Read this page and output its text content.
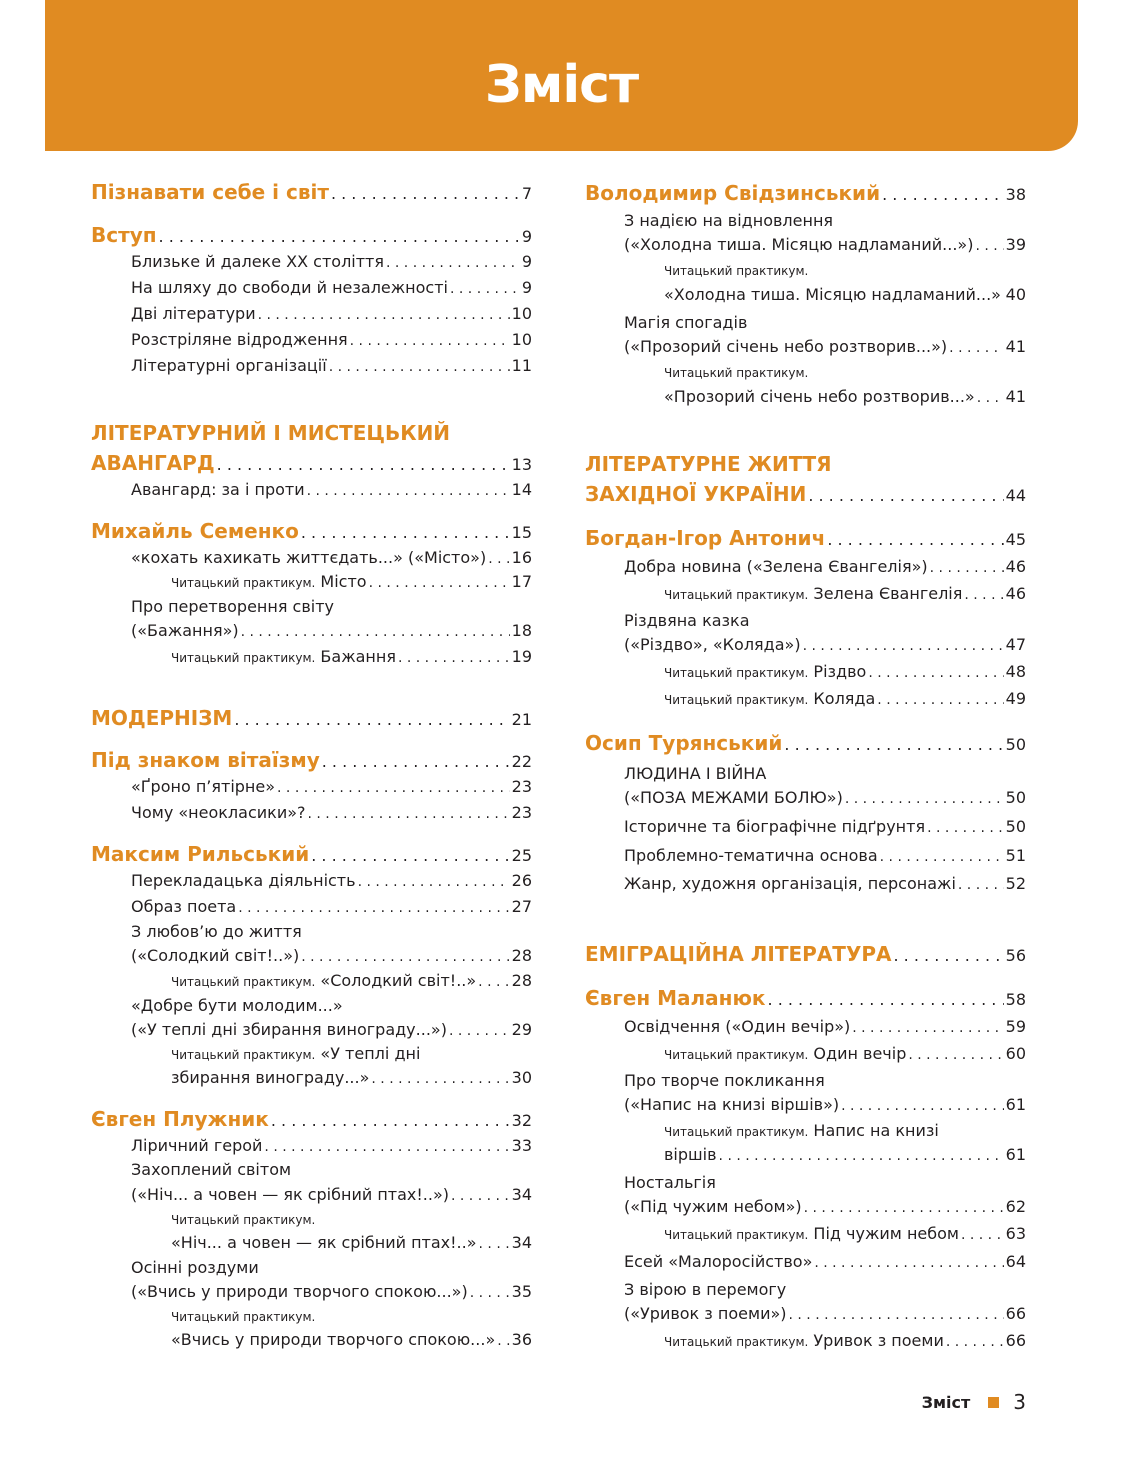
Зміст
Пізнавати себе і світ . . .	7
Вступ . . .	9
Близьке й далеке ХХ століття . . .	9
На шляху до свободи й незалежності . . .	9
Дві літератури . . .	10
Розстріляне відродження . . .	10
Літературні організації . . .	11
ЛІТЕРАТУРНИЙ І МИСТЕЦЬКИЙ
АВАНГАРД . . .	13
Авангард: за і проти . . .	14
Михайль Семенко . . .	15
«кохать кахикать життєдать...» («Місто») . . . 16
Читацький практикум. Місто . . .	17
Про перетворення світу
(«Бажання») . . .	18
Читацький практикум. Бажання . . .	19
МОДЕРНІЗМ . . .	21
Під знаком вітаїзму . . .	22
«Ґроно п’ятірне» . . .	23
Чому «неокласики»? . . .	23
Максим Рильський . . .	25
Перекладацька діяльність . . .	26
Образ поета . . .	27
З любов’ю до життя
(«Солодкий світ!..») . . .	28
Читацький практикум. «Солодкий світ!..» . . . 28
«Добре бути молодим...»
(«У теплі дні збирання винограду...») . . .	29
Читацький практикум. «У теплі дні
збирання винограду...» . . .	30
Євген Плужник . . .	32
Ліричний герой . . .	33
Захоплений світом
(«Ніч... а човен — як срібний птах!..») . . .	34
Читацький практикум.
«Ніч... а човен — як срібний птах!..» . . . 34
Осінні роздуми
(«Вчись у природи творчого спокою...») . . .	35
Читацький практикум.
«Вчись у природи творчого спокою...» . . . 36
Володимир Свідзинський . . .	38
З надією на відновлення
(«Холодна тиша. Місяцю надламаний...») . . . 39
Читацький практикум.
«Холодна тиша. Місяцю надламаний...» . . . 40
Магія спогадів
(«Прозорий січень небо розтворив...») . . .	41
Читацький практикум.
«Прозорий січень небо розтворив...» . . . 41
ЛІТЕРАТУРНЕ ЖИТТЯ
ЗАХІДНОЇ УКРАЇНИ . . .	44
Богдан-Ігор Антонич . . .	45
Добра новина («Зелена Євангелія») . . .	46
Читацький практикум. Зелена Євангелія . . .	46
Різдвяна казка
(«Різдво», «Коляда») . . .	47
Читацький практикум. Різдво . . .	48
Читацький практикум. Коляда . . .	49
Осип Турянський . . .	50
ЛЮДИНА І ВІЙНА
(«ПОЗА МЕЖАМИ БОЛЮ») . . .	50
Історичне та біографічне підґрунтя . . .	50
Проблемно-тематична основа . . .	51
Жанр, художня організація, персонажі . . .	52
ЕМІГРАЦІЙНА ЛІТЕРАТУРА . . .	56
Євген Маланюк . . .	58
Освідчення («Один вечір») . . .	59
Читацький практикум. Один вечір . . .	60
Про творче покликання
(«Напис на книзі віршів») . . .	61
Читацький практикум. Напис на книзі
віршів . . .	61
Ностальгія
(«Під чужим небом») . . .	62
Читацький практикум. Під чужим небом . . .	63
Есей «Малоросійство» . . .	64
З вірою в перемогу
(«Уривок з поеми») . . .	66
Читацький практикум. Уривок з поеми . . .	66
Зміст 3
